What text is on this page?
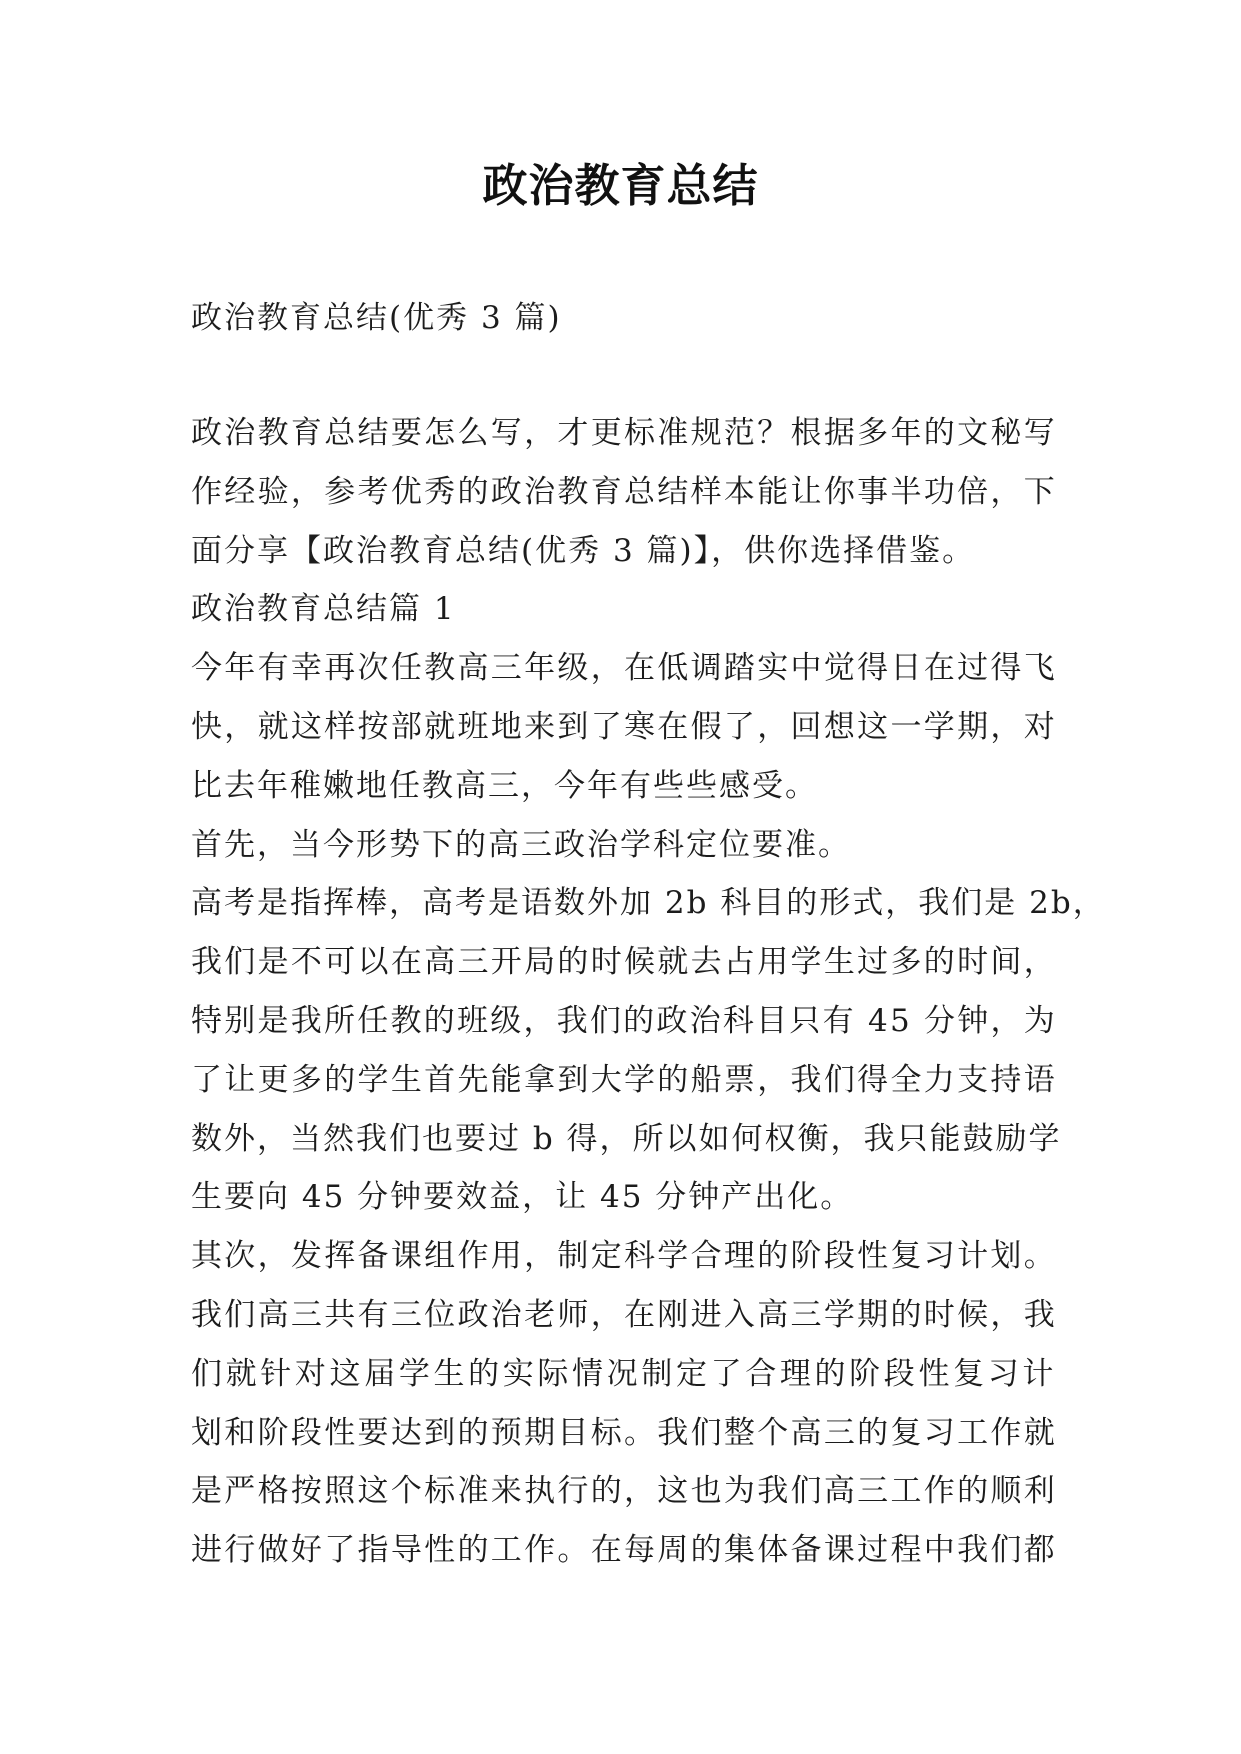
政治教育总结
政治教育总结(优秀 3 篇)
政治教育总结要怎么写，才更标准规范？根据多年的文秘写
作经验，参考优秀的政治教育总结样本能让你事半功倍，下
面分享【政治教育总结(优秀 3 篇)】，供你选择借鉴。
政治教育总结篇 1
今年有幸再次任教高三年级，在低调踏实中觉得日在过得飞
快，就这样按部就班地来到了寒在假了，回想这一学期，对
比去年稚嫩地任教高三，今年有些些感受。
首先，当今形势下的高三政治学科定位要准。
高考是指挥棒，高考是语数外加 2b 科目的形式，我们是 2b，
我们是不可以在高三开局的时候就去占用学生过多的时间，
特别是我所任教的班级，我们的政治科目只有 45 分钟，为
了让更多的学生首先能拿到大学的船票，我们得全力支持语
数外，当然我们也要过 b 得，所以如何权衡，我只能鼓励学
生要向 45 分钟要效益，让 45 分钟产出化。
其次，发挥备课组作用，制定科学合理的阶段性复习计划。
我们高三共有三位政治老师，在刚进入高三学期的时候，我
们就针对这届学生的实际情况制定了合理的阶段性复习计
划和阶段性要达到的预期目标。我们整个高三的复习工作就
是严格按照这个标准来执行的，这也为我们高三工作的顺利
进行做好了指导性的工作。在每周的集体备课过程中我们都
